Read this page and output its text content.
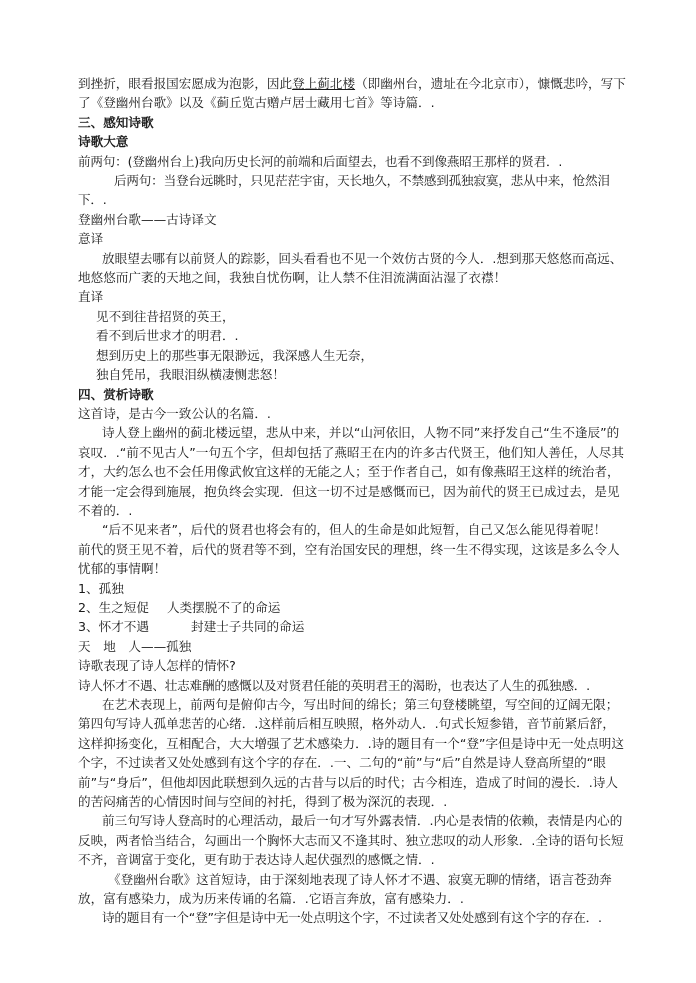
到挫折，眼看报国宏愿成为泡影，因此登上蓟北楼（即幽州台，遗址在今北京市），慷慨悲吟，写下了《登幽州台歌》以及《蓟丘览古赠卢居士藏用七首》等诗篇．.

三、感知诗歌

诗歌大意

前两句：(登幽州台上)我向历史长河的前端和后面望去，也看不到像燕昭王那样的贤君．.

后两句：当登台远眺时，只见茫茫宇宙，天长地久，不禁感到孤独寂寞，悲从中来，怆然泪下．.

登幽州台歌——古诗译文

意译

放眼望去哪有以前贤人的踪影，回头看看也不见一个效仿古贤的今人．.想到那天悠悠而高远、地悠悠而广袤的天地之间，我独自忧伤啊，让人禁不住泪流满面沾湿了衣襟！

直译

见不到往昔招贤的英王，

看不到后世求才的明君．.

想到历史上的那些事无限渺远，我深感人生无奈，

独自凭吊，我眼泪纵横凄恻悲怒！

四、赏析诗歌

这首诗，是古今一致公认的名篇．.

诗人登上幽州的蓟北楼远望，悲从中来，并以“山河依旧，人物不同”来抒发自己“生不逢辰”的哀叹．.“前不见古人”一句五个字，但却包括了燕昭王在内的许多古代贤王，他们知人善任，人尽其才，大约怎么也不会任用像武攸宜这样的无能之人；至于作者自己，如有像燕昭王这样的统治者，才能一定会得到施展，抱负终会实现．但这一切不过是感慨而已，因为前代的贤王已成过去，是见不着的．.

“后不见来者”，后代的贤君也将会有的，但人的生命是如此短暂，自己又怎么能见得着呢！

前代的贤王见不着，后代的贤君等不到，空有治国安民的理想，终一生不得实现，这该是多么令人忧郁的事情啊！

1、孤独

2、生之短促 人类摆脱不了的命运

3、怀才不遇	封建士子共同的命运

天　地　人——孤独

诗歌表现了诗人怎样的情怀?

诗人怀才不遇、壮志难酬的感慨以及对贤君任能的英明君王的渴盼，也表达了人生的孤独感．.

在艺术表现上，前两句是俯仰古今，写出时间的绵长；第三句登楼眺望，写空间的辽阔无限；第四句写诗人孤单悲苦的心绪．.这样前后相互映照，格外动人．.句式长短参错，音节前紧后舒，这样抑扬变化，互相配合，大大增强了艺术感染力．.诗的题目有一个“登”字但是诗中无一处点明这个字，不过读者又处处感到有这个字的存在．.一、二句的“前”与“后”自然是诗人登高所望的“眼前”与“身后”，但他却因此联想到久远的古昔与以后的时代；古今相连，造成了时间的漫长．.诗人的苦闷痛苦的心情因时间与空间的衬托，得到了极为深沉的表现．.

前三句写诗人登高时的心理活动，最后一句才写外露表情．.内心是表情的依赖，表情是内心的反映，两者恰当结合，勾画出一个胸怀大志而又不逢其时、独立悲叹的动人形象．.全诗的语句长短不齐，音调富于变化，更有助于表达诗人起伏强烈的感慨之情．.

《登幽州台歌》这首短诗，由于深刻地表现了诗人怀才不遇、寂寞无聊的情绪，语言苍劲奔放，富有感染力，成为历来传诵的名篇．.它语言奔放，富有感染力．.

诗的题目有一个“登”字但是诗中无一处点明这个字，不过读者又处处感到有这个字的存在．.
